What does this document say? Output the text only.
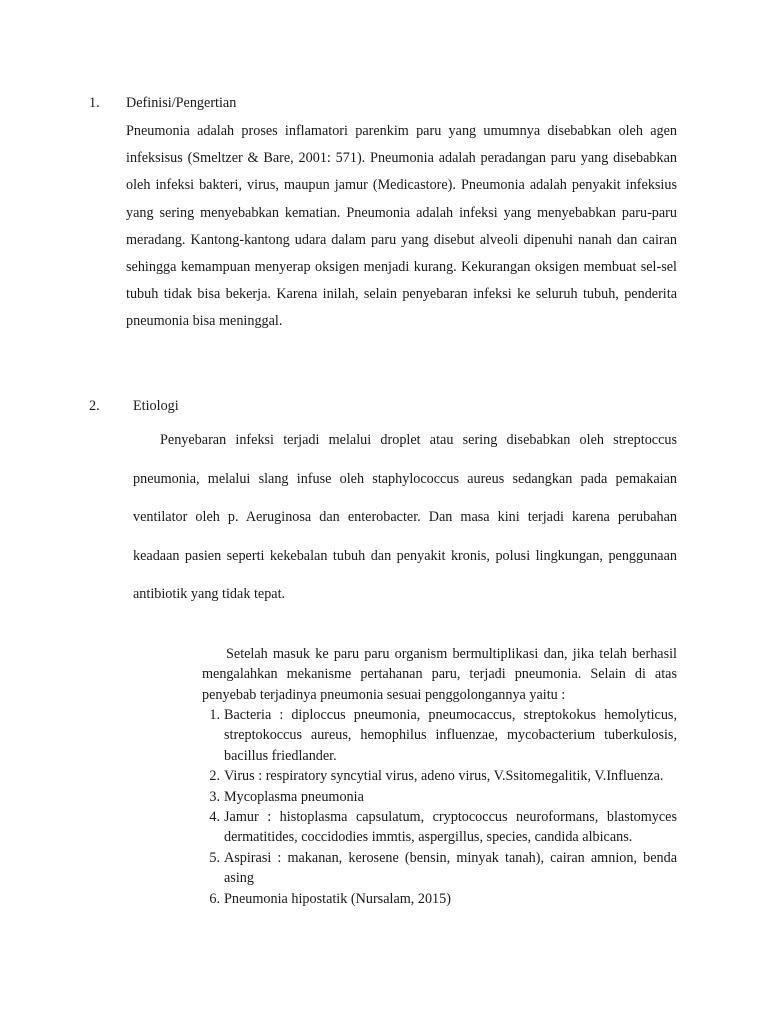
1. Definisi/Pengertian

Pneumonia adalah proses inflamatori parenkim paru yang umumnya disebabkan oleh agen infeksisus (Smeltzer & Bare, 2001: 571). Pneumonia adalah peradangan paru yang disebabkan oleh infeksi bakteri, virus, maupun jamur (Medicastore). Pneumonia adalah penyakit infeksius yang sering menyebabkan kematian. Pneumonia adalah infeksi yang menyebabkan paru-paru meradang. Kantong-kantong udara dalam paru yang disebut alveoli dipenuhi nanah dan cairan sehingga kemampuan menyerap oksigen menjadi kurang. Kekurangan oksigen membuat sel-sel tubuh tidak bisa bekerja. Karena inilah, selain penyebaran infeksi ke seluruh tubuh, penderita pneumonia bisa meninggal.

2. Etiologi

Penyebaran infeksi terjadi melalui droplet atau sering disebabkan oleh streptoccus pneumonia, melalui slang infuse oleh staphylococcus aureus sedangkan pada pemakaian ventilator oleh p. Aeruginosa dan enterobacter. Dan masa kini terjadi karena perubahan keadaan pasien seperti kekebalan tubuh dan penyakit kronis, polusi lingkungan, penggunaan antibiotik yang tidak tepat.

Setelah masuk ke paru paru organism bermultiplikasi dan, jika telah berhasil mengalahkan mekanisme pertahanan paru, terjadi pneumonia. Selain di atas penyebab terjadinya pneumonia sesuai penggolongannya yaitu :

1. Bacteria : diploccus pneumonia, pneumocaccus, streptokokus hemolyticus, streptokoccus aureus, hemophilus influenzae, mycobacterium tuberkulosis, bacillus friedlander.
2. Virus : respiratory syncytial virus, adeno virus, V.Ssitomegalitik, V.Influenza.
3. Mycoplasma pneumonia
4. Jamur : histoplasma capsulatum, cryptococcus neuroformans, blastomyces dermatitides, coccidodies immtis, aspergillus, species, candida albicans.
5. Aspirasi : makanan, kerosene (bensin, minyak tanah), cairan amnion, benda asing
6. Pneumonia hipostatik (Nursalam, 2015)
